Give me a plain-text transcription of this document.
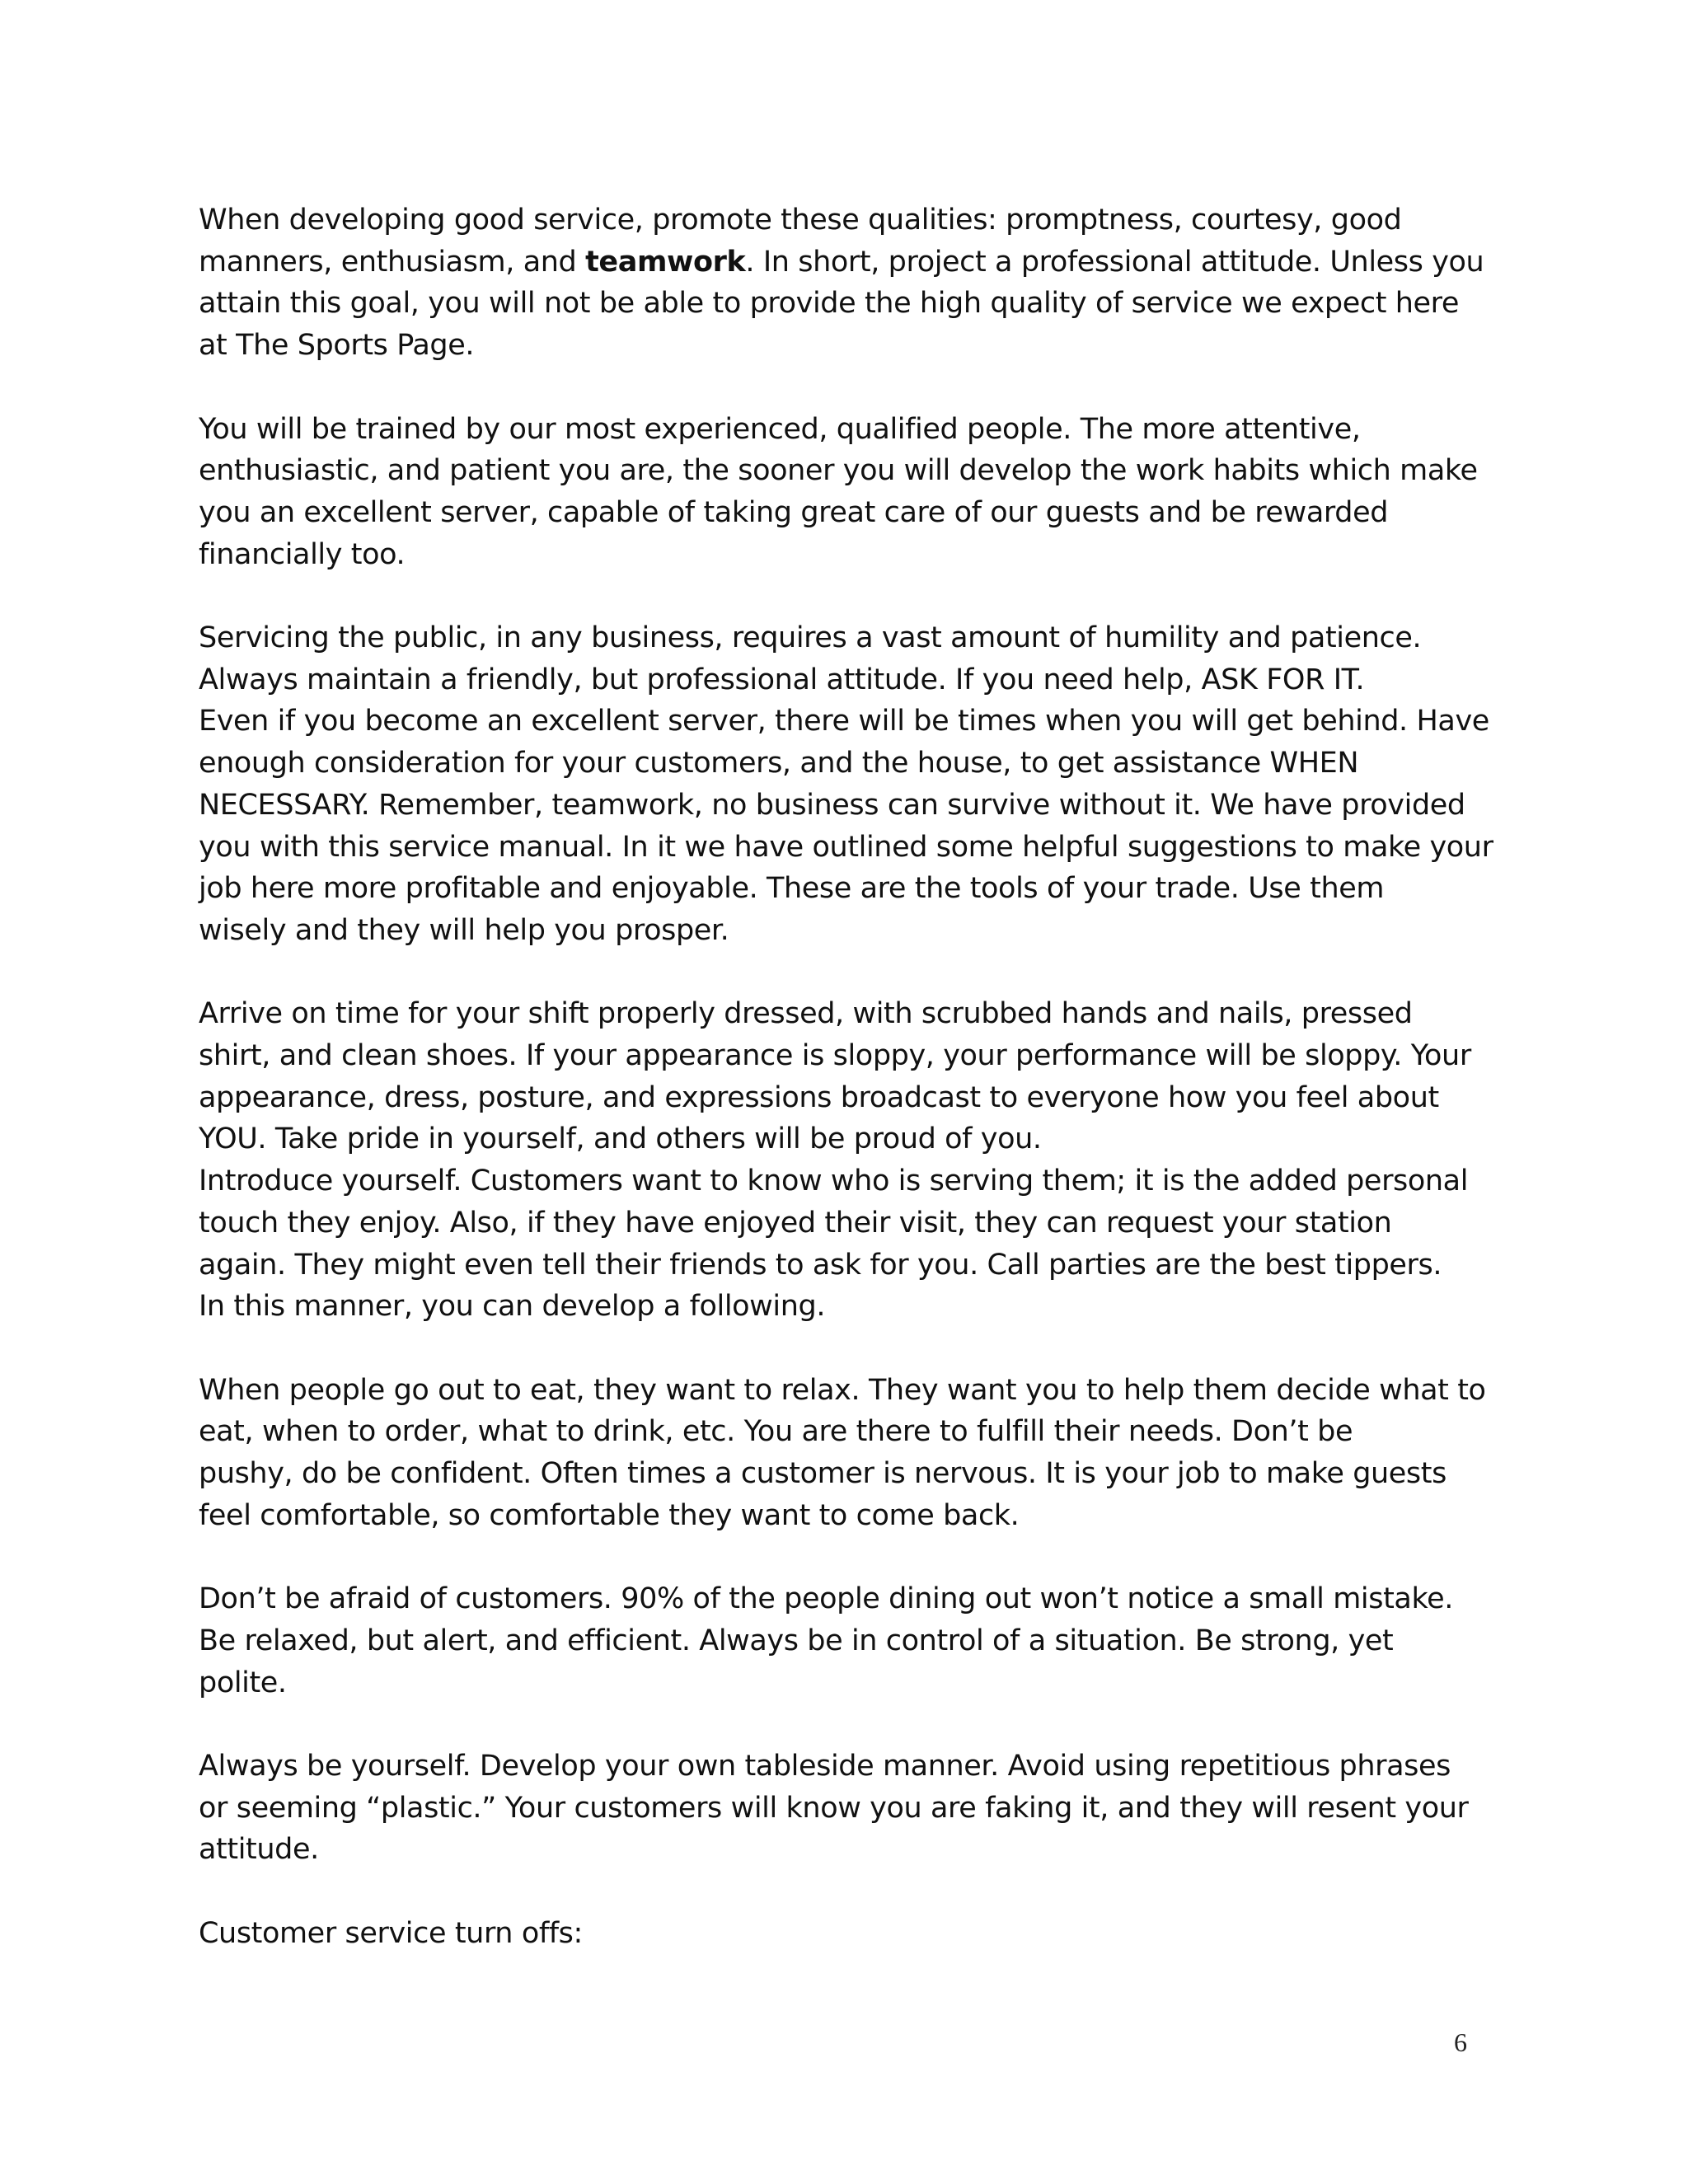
When developing good service, promote these qualities: promptness, courtesy, good
manners, enthusiasm, and teamwork. In short, project a professional attitude. Unless you
attain this goal, you will not be able to provide the high quality of service we expect here
at The Sports Page.

You will be trained by our most experienced, qualified people. The more attentive,
enthusiastic, and patient you are, the sooner you will develop the work habits which make
you an excellent server, capable of taking great care of our guests and be rewarded
financially too.

Servicing the public, in any business, requires a vast amount of humility and patience.
Always maintain a friendly, but professional attitude. If you need help, ASK FOR IT.
Even if you become an excellent server, there will be times when you will get behind. Have
enough consideration for your customers, and the house, to get assistance WHEN
NECESSARY. Remember, teamwork, no business can survive without it. We have provided
you with this service manual. In it we have outlined some helpful suggestions to make your
job here more profitable and enjoyable. These are the tools of your trade. Use them
wisely and they will help you prosper.

Arrive on time for your shift properly dressed, with scrubbed hands and nails, pressed
shirt, and clean shoes. If your appearance is sloppy, your performance will be sloppy. Your
appearance, dress, posture, and expressions broadcast to everyone how you feel about
YOU. Take pride in yourself, and others will be proud of you.

Introduce yourself. Customers want to know who is serving them; it is the added personal
touch they enjoy. Also, if they have enjoyed their visit, they can request your station
again. They might even tell their friends to ask for you. Call parties are the best tippers.
In this manner, you can develop a following.

When people go out to eat, they want to relax. They want you to help them decide what to
eat, when to order, what to drink, etc. You are there to fulfill their needs. Don’t be
pushy, do be confident. Often times a customer is nervous. It is your job to make guests
feel comfortable, so comfortable they want to come back.

Don’t be afraid of customers. 90% of the people dining out won’t notice a small mistake.
Be relaxed, but alert, and efficient. Always be in control of a situation. Be strong, yet
polite.

Always be yourself. Develop your own tableside manner. Avoid using repetitious phrases
or seeming “plastic.” Your customers will know you are faking it, and they will resent your
attitude.

Customer service turn offs:

6
